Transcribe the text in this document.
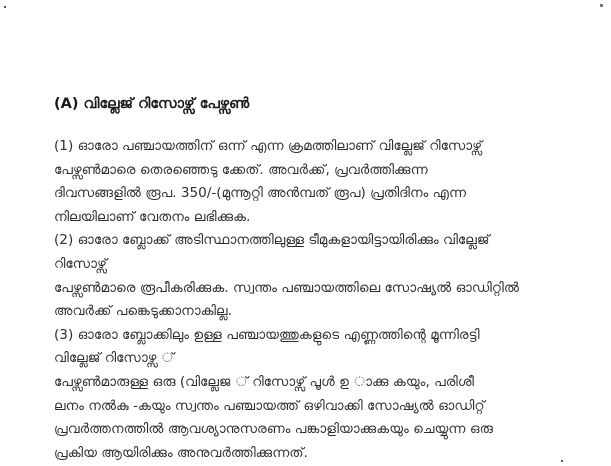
(A) വില്ലേജ് റിസോഴ്സ് പേഴ്സൺ
(1) ഓരോ പഞ്ചായത്തിന് ഒന്ന് എന്ന ക്രമത്തിലാണ് വില്ലേജ് റിസോഴ്സ്
പേഴ്സൺമാരെ തെരഞ്ഞെടു ക്കേത്. അവർക്ക്, പ്രവർത്തിക്കുന്ന
ദിവസങ്ങളിൽ രൂപ. 350/-(മുന്നൂറ്റി അൻമ്പത് രൂപ) പ്രതിദിനം എന്ന
നിലയിലാണ് വേതനം ലഭിക്കുക.
(2) ഓരോ ബ്ലോക്ക് അടിസ്ഥാനത്തിലുള്ള ടീമുകളായിട്ടായിരിക്കും വില്ലേജ്
റിസോഴ്സ്
പേഴ്സൺമാരെ രൂപീകരിക്കുക. സ്വന്തം പഞ്ചായത്തിലെ സോഷ്യൽ ഓഡിറ്റിൽ
അവർക്ക് പങ്കെടുക്കാനാകില്ല.
(3) ഓരോ ബ്ലോക്കിലും ഉള്ള പഞ്ചായത്തുകളുടെ എണ്ണത്തിന്റെ മൂന്നിരട്ടി
വില്ലേജ് റിസോഴ്സ ്
പേഴ്സൺമാരുള്ള ഒരു (വില്ലേജ ് റിസോഴ്സ് പൂൾ ഉ ാക്കു കയും, പരിശീ
ലനം നൽകു -കയും സ്വന്തം പഞ്ചായത്ത് ഒഴിവാക്കി സോഷ്യൽ ഓഡിറ്റ്
പ്രവർത്തനത്തിൽ ആവശ്യാനുസരണം പങ്കാളിയാക്കുകയും ചെയ്യുന്ന ഒരു
പ്രകിയ ആയിരിക്കും അനുവർത്തിക്കുന്നത്.
